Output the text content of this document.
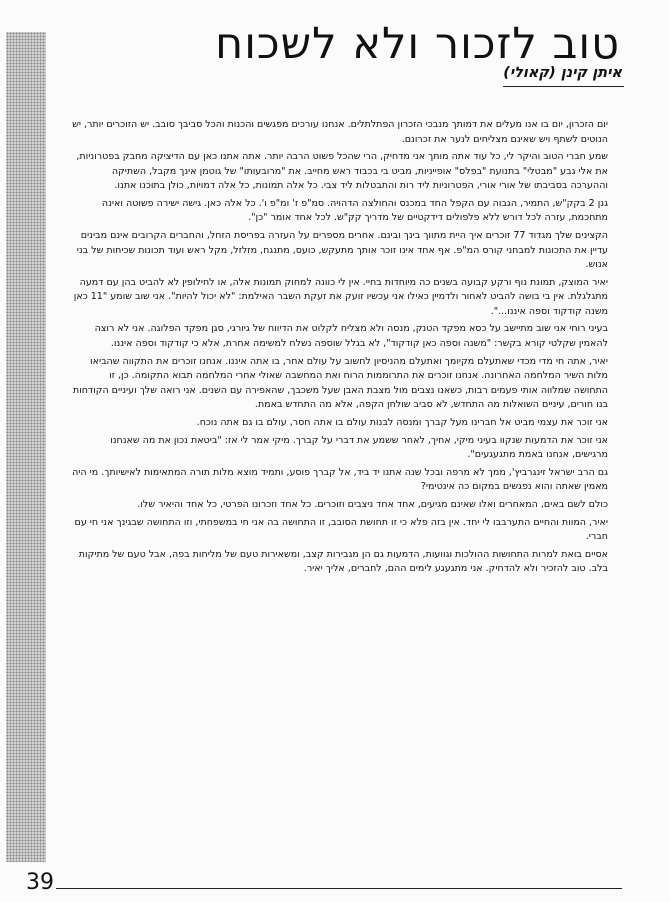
טוב לזכור ולא לשכוח
איתן קינן (קאולי)

יום הזכרון, יום בו אנו מעלים את דמותך מנבכי הזכרון הפתלתלים. אנחנו עורכים מפגשים והכנות והכל סביבך סובב. יש הזוכרים יותר, יש הנוטים לשתף ויש שאינם מצליחים לנער את זכרונם.

שמע חברי הטוב והיקר לי, כל עוד אתה מותך אני מדחיק, הרי שהכל פשוט הרבה יותר. אתה אתנו כאן עם הדיציקה מחבק בפטרוניות, את אלי גבע "מבטלי" בתנועת "בפלס" אופייניות, מביט בי בכבוד ראש מחייב. את "מרובעותו" של גוטמן אינך מקבל, השתיקה וההערכה בסביבתו של אורי אורי, הפטרוניות ליד רות והתבטלות ליד צבי. כל אלה תמונות, כל אלה דמויות, כולן בתוכנו אתנו.

גנן 2 בקק"ש, התמיר, הגבוה עם הקפל החד במכנס והחולצה הדהויה. סמ"פ ז' ומ"פ ו'. כל אלה כאן. גישה ישירה פשוטה ואינה מתחכמת, עזרה לכל דורש ללא פלפולים דידקטיים של מדריך קק"ש. לכל אחד אומר "כן".

הקצינים שלך מגדוד 77 זוכרים איך היית מתווך בינך ובינם. אחרים מספרים על העזרה בפריסת הזחל, והחברים הקרובים אינם מבינים עדיין את התכונות למבחני קורס המ"פ. אף אחד אינו זוכר אותך מתעקש, כועס, מתנגח, מזלזל, מקל ראש ועוד תכונות שכיחות של בני אנוש.

יאיר המוצק, תמונת נוף ורקע קבועה בשנים כה מיוחדות בחיי. אין לי כוונה למחוק תמונות אלה, או לחילופין לא להביט בהן עם דמעה מתגלגלת. אין בי בושה להביט לאחור ולדמיין כאילו אני עכשיו זועק את זעקת השבר האילמת: "לא יכול להיות". אני שוב שומע "11 כאן משנה קודקוד וספה איננו...".

בעיני רוחי אני שוב מתיישב על כסא מפקד הטנק, מנסה ולא מצליח לקלוט את הדיווח של גיורגי, סגן מפקד הפלוגה. אני לא רוצה להאמין שקלטי קורא בקשר: "משנה וספה כאן קודקוד", לא בגלל שוספה נשלח למשימה אחרת, אלא כי קודקוד וספה איננו.

יאיר, אתה חי מדי מכדי שאתעלם מקיומך ואתעלם מהניסיון לחשוב על עולם אחר, בו אתה איננו. אנחנו זוכרים את התקווה שהביאו מלות השיר המלחמה האחרונה. אנחנו זוכרים את התרוממות הרוח ואת המחשבה שאולי אחרי המלחמה תבוא התקומה. כן, זו התחושה שמלווה אותי פעמים רבות, כשאנו נצבים מול מצבת האבן שעל משכבך, שהאפירה עם השנים. אני רואה שלך ועיניים הקודחות בנו חורים, עיניים השואלות מה התחדש, לא סביב שולחן הקפה, אלא מה התחדש באמת.

אני זוכר את עצמי מביט אל חברינו מעל קברך ומנסה לבנות עולם בו אתה חסר, עולם בו גם אתה נוכח.

אני זוכר את הדמעות שנקוו בעיני מיקי, אחיך, לאחר ששמע את דברי על קברך. מיקי אמר לי אז: "ביטאת נכון את מה שאנחנו מרגישים, אנחנו באמת מתגעגעים".

גם הרב ישראל זינגרביץ', ממך לא מרפה ובכל שנה אתנו יד ביד, אל קברך פוסע, ותמיד מוצא מלות תורה המתאימות לאישיותך. מי היה מאמין שאתה והוא נפגשים במקום כה אינטימי?

כולם לשם באים, המאחרים ואלו שאינם מגיעים, אחד אחד ניצבים וזוכרים. כל אחד וזכרונו הפרטי, כל אחד והיאיר שלו.

יאיר, המוות והחיים התערבבו לי יחד. אין בזה פלא כי זו תחושת הסובב, זו התחושה בה אני חי במשפחתי, וזו התחושה שבגינך אני חי עם חברי.

אסיים בואת למרות התחושות ההולכות וגוועות, הדמעות גם הן מגבירות קצב, ומשאירות טעם של מליחות בפה, אבל טעם של מתיקות בלב. טוב להזכיר ולא להדחיק. אני מתגעגע לימים ההם, לחברים, אליך יאיר.

39
